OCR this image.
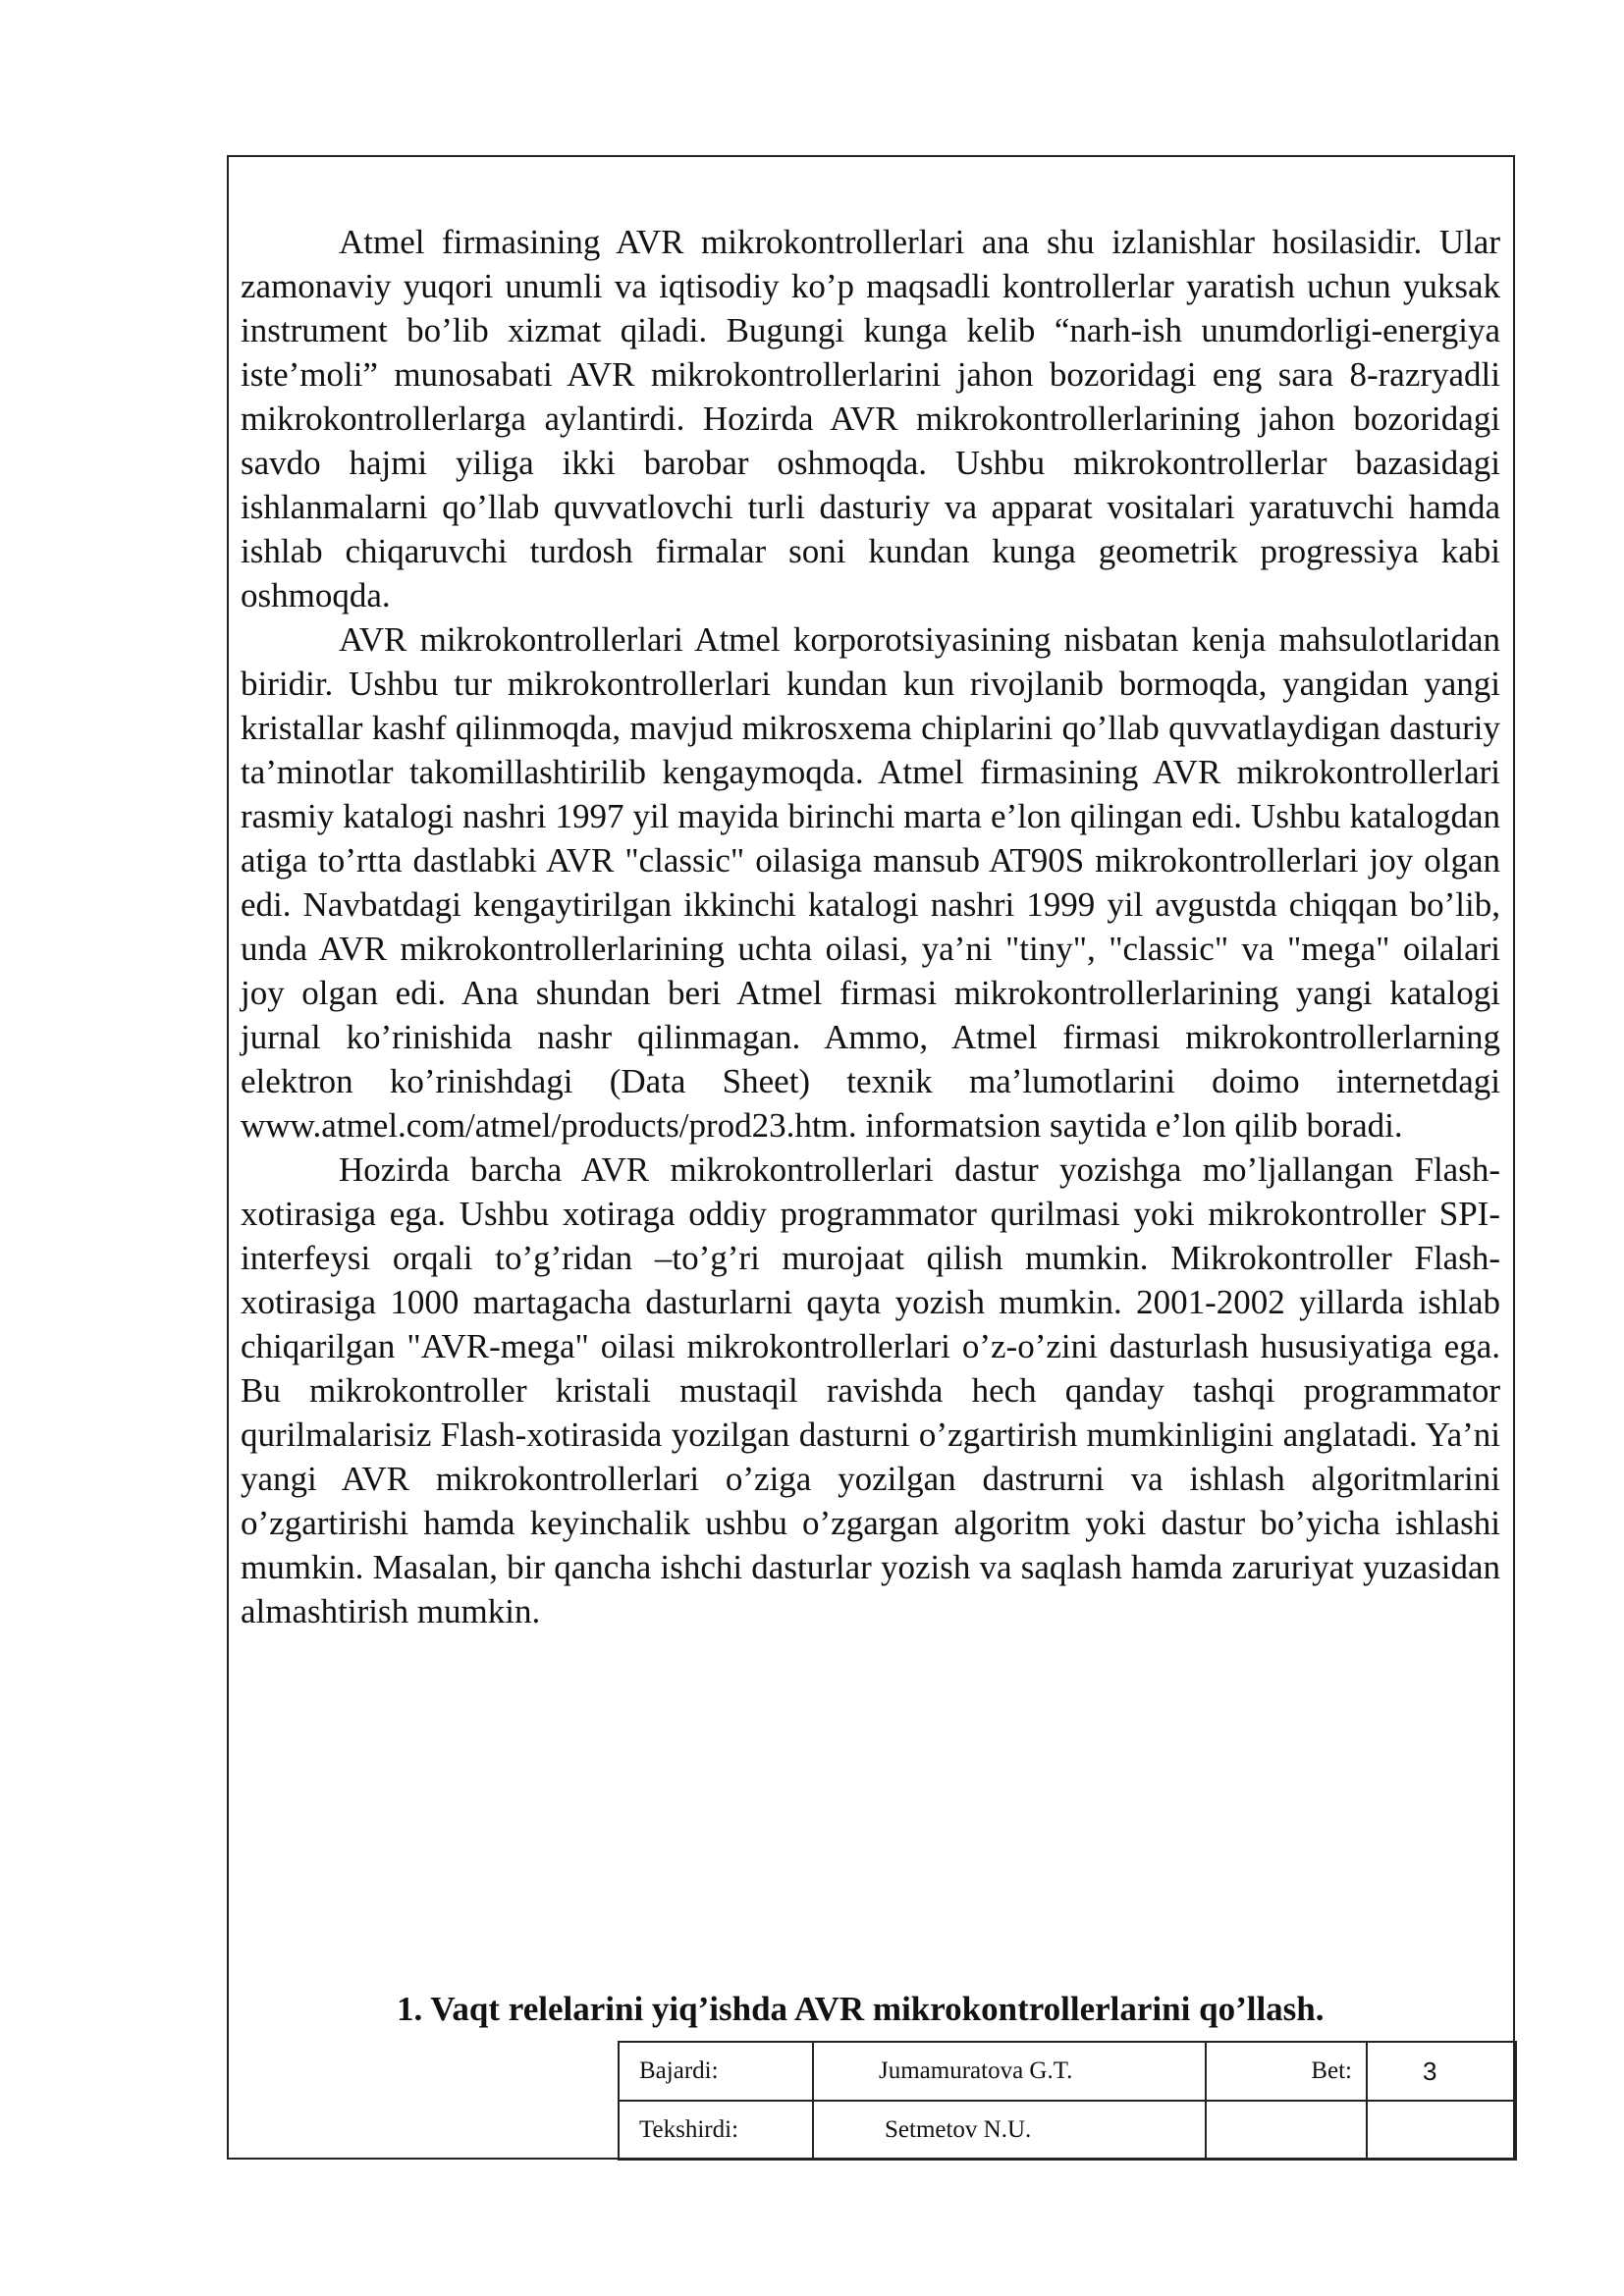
Atmel firmasining AVR mikrokontrollerlari ana shu izlanishlar hosilasidir. Ular zamonaviy yuqori unumli va iqtisodiy ko’p maqsadli kontrollerlar yaratish uchun yuksak instrument bo’lib xizmat qiladi. Bugungi kunga kelib “narh-ish unumdorligi-energiya iste’moli” munosabati AVR mikrokontrollerlarini jahon bozoridagi eng sara 8-razryadli mikrokontrollerlarga aylantirdi. Hozirda AVR mikrokontrollerlarining jahon bozoridagi savdo hajmi yiliga ikki barobar oshmoqda. Ushbu mikrokontrollerlar bazasidagi ishlanmalarni qo’llab quvvatlovchi turli dasturiy va apparat vositalari yaratuvchi hamda ishlab chiqaruvchi turdosh firmalar soni kundan kunga geometrik progressiya kabi oshmoqda.

AVR mikrokontrollerlari Atmel korporotsiyasining nisbatan kenja mahsulotlaridan biridir. Ushbu tur mikrokontrollerlari kundan kun rivojlanib bormoqda, yangidan yangi kristallar kashf qilinmoqda, mavjud mikrosxema chiplarini qo’llab quvvatlaydigan dasturiy ta’minotlar takomillashtirilib kengaymoqda. Atmel firmasining AVR mikrokontrollerlari rasmiy katalogi nashri 1997 yil mayida birinchi marta e’lon qilingan edi. Ushbu katalogdan atiga to’rtta dastlabki AVR "classic" oilasiga mansub AT90S mikrokontrollerlari joy olgan edi. Navbatdagi kengaytirilgan ikkinchi katalogi nashri 1999 yil avgustda chiqqan bo’lib, unda AVR mikrokontrollerlarining uchta oilasi, ya’ni "tiny", "classic" va "mega" oilalari joy olgan edi. Ana shundan beri Atmel firmasi mikrokontrollerlarining yangi katalogi jurnal ko’rinishida nashr qilinmagan. Ammo, Atmel firmasi mikrokontrollerlarning elektron ko’rinishdagi (Data Sheet) texnik ma’lumotlarini doimo internetdagi www.atmel.com/atmel/products/prod23.htm. informatsion saytida e’lon qilib boradi.

Hozirda barcha AVR mikrokontrollerlari dastur yozishga mo’ljallangan Flash-xotirasiga ega. Ushbu xotiraga oddiy programmator qurilmasi yoki mikrokontroller SPI-interfeysi orqali to’g’ridan –to’g’ri murojaat qilish mumkin. Mikrokontroller Flash-xotirasiga 1000 martagacha dasturlarni qayta yozish mumkin. 2001-2002 yillarda ishlab chiqarilgan "AVR-mega" oilasi mikrokontrollerlari o’z-o’zini dasturlash hususiyatiga ega. Bu mikrokontroller kristali mustaqil ravishda hech qanday tashqi programmator qurilmalarisiz Flash-xotirasida yozilgan dasturni o’zgartirish mumkinligini anglatadi. Ya’ni yangi AVR mikrokontrollerlari o’ziga yozilgan dastrurni va ishlash algoritmlarini o’zgartirishi hamda keyinchalik ushbu o’zgargan algoritm yoki dastur bo’yicha ishlashi mumkin. Masalan, bir qancha ishchi dasturlar yozish va saqlash hamda zaruriyat yuzasidan almashtirish mumkin.

1. Vaqt relelarini yiq’ishda AVR mikrokontrollerlarini qo’llash.
Bajardi:	Jumamuratova G.T.	Bet:	3
Tekshirdi:	Setmetov N.U.		
